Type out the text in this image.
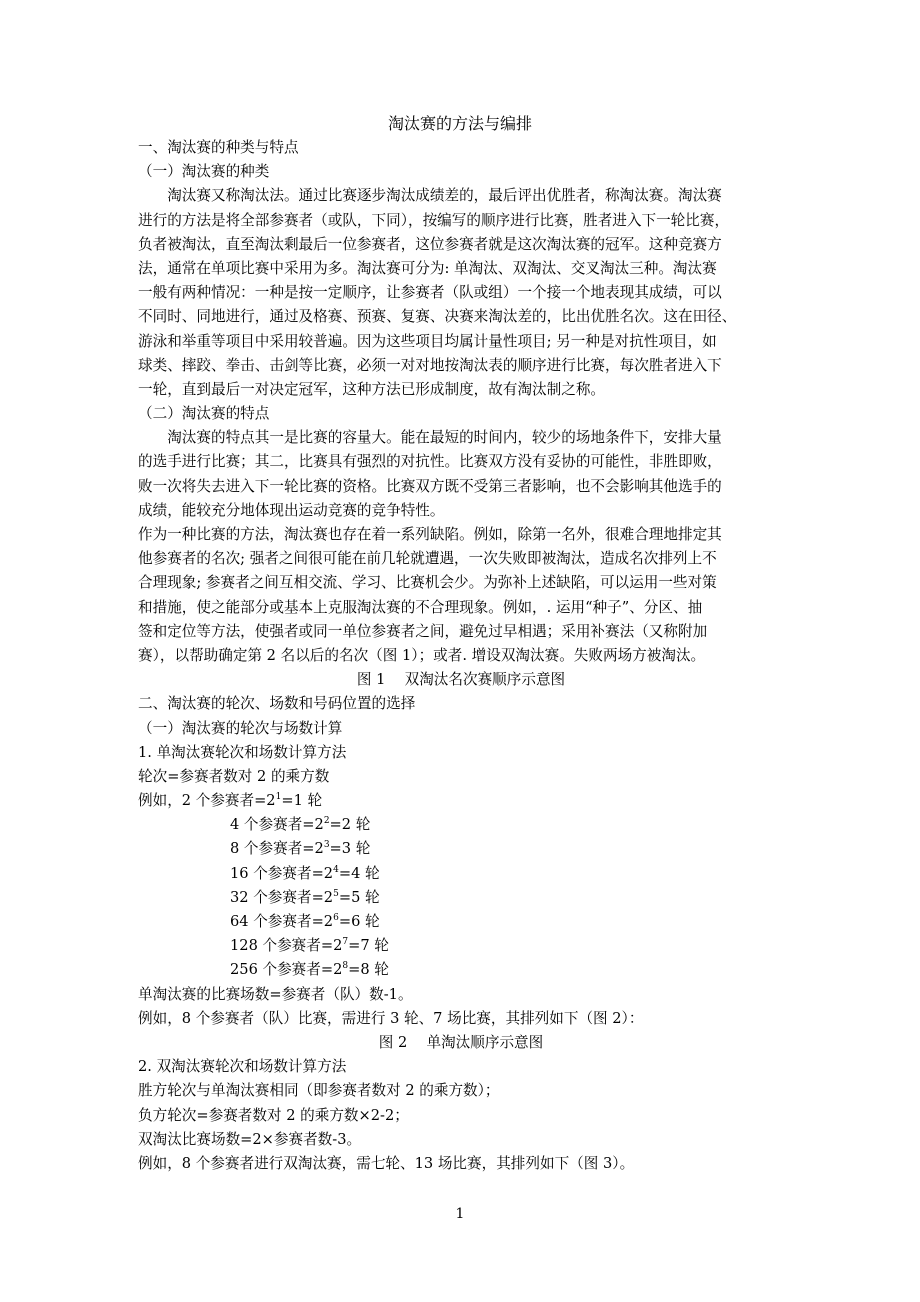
淘汰赛的方法与编排
一、淘汰赛的种类与特点
（一）淘汰赛的种类
淘汰赛又称淘汰法。通过比赛逐步淘汰成绩差的，最后评出优胜者，称淘汰赛。淘汰赛
进行的方法是将全部参赛者（或队，下同），按编写的顺序进行比赛，胜者进入下一轮比赛，
负者被淘汰，直至淘汰剩最后一位参赛者，这位参赛者就是这次淘汰赛的冠军。这种竞赛方
法，通常在单项比赛中采用为多。淘汰赛可分为: 单淘汰、双淘汰、交叉淘汰三种。淘汰赛
一般有两种情况：一种是按一定顺序，让参赛者（队或组）一个接一个地表现其成绩，可以
不同时、同地进行，通过及格赛、预赛、复赛、决赛来淘汰差的，比出优胜名次。这在田径、
游泳和举重等项目中采用较普遍。因为这些项目均属计量性项目; 另一种是对抗性项目，如
球类、摔跤、拳击、击剑等比赛，必须一对对地按淘汰表的顺序进行比赛，每次胜者进入下
一轮，直到最后一对决定冠军，这种方法已形成制度，故有淘汰制之称。
（二）淘汰赛的特点
淘汰赛的特点其一是比赛的容量大。能在最短的时间内，较少的场地条件下，安排大量
的选手进行比赛；其二，比赛具有强烈的对抗性。比赛双方没有妥协的可能性，非胜即败，
败一次将失去进入下一轮比赛的资格。比赛双方既不受第三者影响，也不会影响其他选手的
成绩，能较充分地体现出运动竞赛的竞争特性。
作为一种比赛的方法，淘汰赛也存在着一系列缺陷。例如，除第一名外，很难合理地排定其
他参赛者的名次; 强者之间很可能在前几轮就遭遇，一次失败即被淘汰，造成名次排列上不
合理现象; 参赛者之间互相交流、学习、比赛机会少。为弥补上述缺陷，可以运用一些对策
和措施，使之能部分或基本上克服淘汰赛的不合理现象。例如，. 运用“种子”、分区、抽
签和定位等方法，使强者或同一单位参赛者之间，避免过早相遇；采用补赛法（又称附加
赛），以帮助确定第 2 名以后的名次（图 1）；或者. 增设双淘汰赛。失败两场方被淘汰。
图 1　 双淘汰名次赛顺序示意图
二、淘汰赛的轮次、场数和号码位置的选择
（一）淘汰赛的轮次与场数计算
1. 单淘汰赛轮次和场数计算方法
轮次=参赛者数对 2 的乘方数
例如，2 个参赛者$=2^1=1$ 轮
4 个参赛者$=2^2=2$ 轮
8 个参赛者$=2^3=3$ 轮
16 个参赛者$=2^4=4$ 轮
32 个参赛者$=2^5=5$ 轮
64 个参赛者$=2^6=6$ 轮
128 个参赛者$=2^7=7$ 轮
256 个参赛者$=2^8=8$ 轮
单淘汰赛的比赛场数=参赛者（队）数-1。
例如，8 个参赛者（队）比赛，需进行 3 轮、7 场比赛，其排列如下（图 2）：
图 2　 单淘汰顺序示意图
2. 双淘汰赛轮次和场数计算方法
胜方轮次与单淘汰赛相同（即参赛者数对 2 的乘方数）；
负方轮次=参赛者数对 2 的乘方数×2-2；
双淘汰比赛场数=2×参赛者数-3。
例如，8 个参赛者进行双淘汰赛，需七轮、13 场比赛，其排列如下（图 3）。
1
